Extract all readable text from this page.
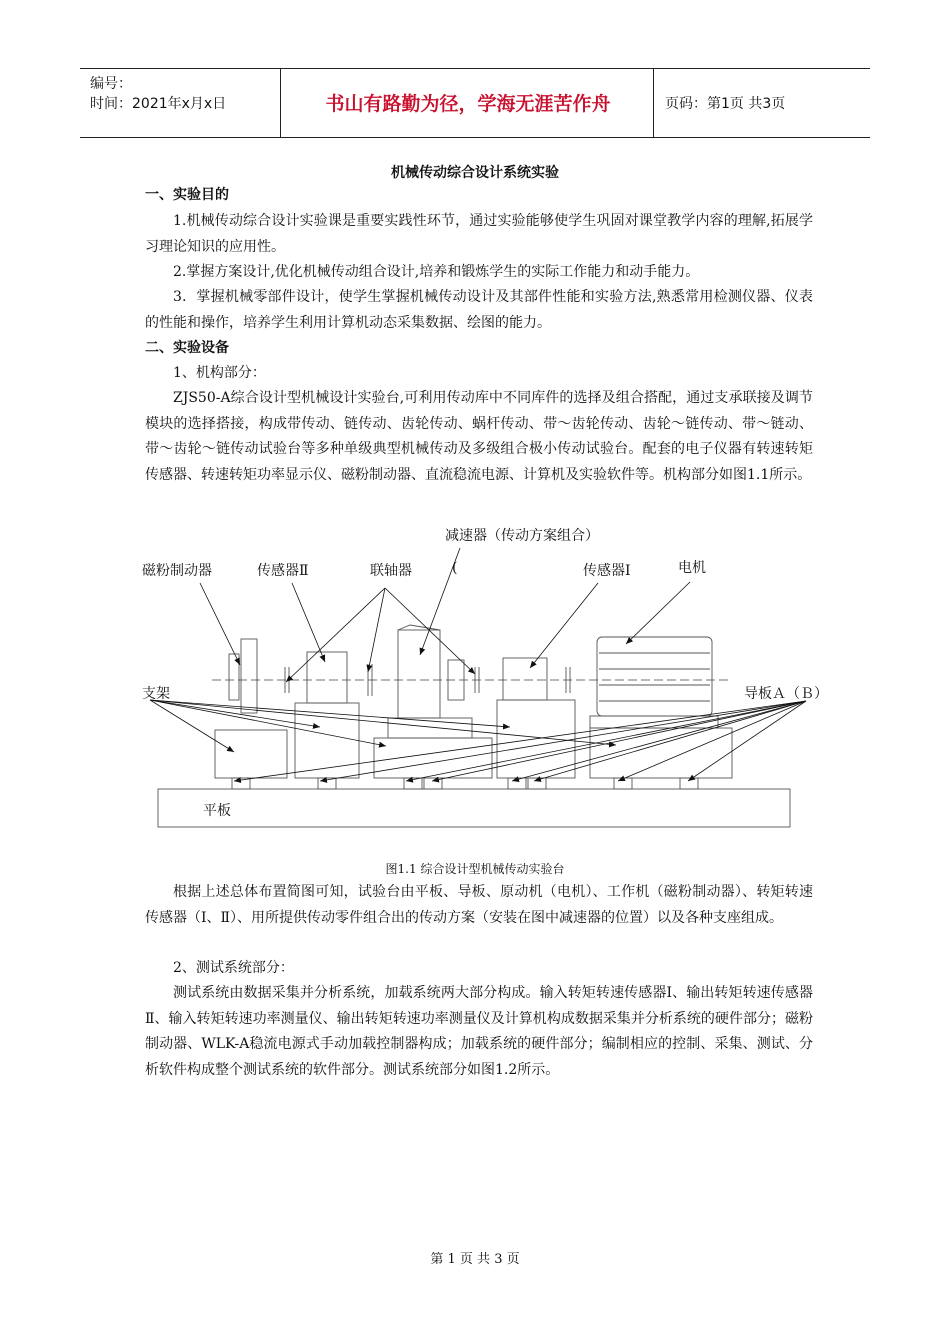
编号：
时间：2021年x月x日	书山有路勤为径，学海无涯苦作舟	页码：第1页 共3页
机械传动综合设计系统实验
一、实验目的
1.机械传动综合设计实验课是重要实践性环节，通过实验能够使学生巩固对课堂教学内容的理解,拓展学习理论知识的应用性。
2.掌握方案设计,优化机械传动组合设计,培养和锻炼学生的实际工作能力和动手能力。
3．掌握机械零部件设计，使学生掌握机械传动设计及其部件性能和实验方法,熟悉常用检测仪器、仪表的性能和操作，培养学生利用计算机动态采集数据、绘图的能力。
二、实验设备
1、机构部分：
ZJS50-A综合设计型机械设计实验台,可利用传动库中不同库件的选择及组合搭配，通过支承联接及调节模块的选择搭接，构成带传动、链传动、齿轮传动、蜗杆传动、带～齿轮传动、齿轮～链传动、带～链动、带～齿轮～链传动试验台等多种单级典型机械传动及多级组合极小传动试验台。配套的电子仪器有转速转矩传感器、转速转矩功率显示仪、磁粉制动器、直流稳流电源、计算机及实验软件等。机构部分如图1.1所示。
减速器（传动方案组合）
磁粉制动器	传感器Ⅱ	联轴器	(	传感器Ⅰ	电机
支架	导板Ａ（Ｂ）
平板
图1.1 综合设计型机械传动实验台
根据上述总体布置简图可知，试验台由平板、导板、原动机（电机）、工作机（磁粉制动器）、转矩转速传感器（Ⅰ、Ⅱ）、用所提供传动零件组合出的传动方案（安装在图中减速器的位置）以及各种支座组成。
2、测试系统部分：
测试系统由数据采集并分析系统，加载系统两大部分构成。输入转矩转速传感器Ⅰ、输出转矩转速传感器Ⅱ、输入转矩转速功率测量仪、输出转矩转速功率测量仪及计算机构成数据采集并分析系统的硬件部分；磁粉制动器、WLK-A稳流电源式手动加载控制器构成；加载系统的硬件部分；编制相应的控制、采集、测试、分析软件构成整个测试系统的软件部分。测试系统部分如图1.2所示。
第 1 页 共 3 页
